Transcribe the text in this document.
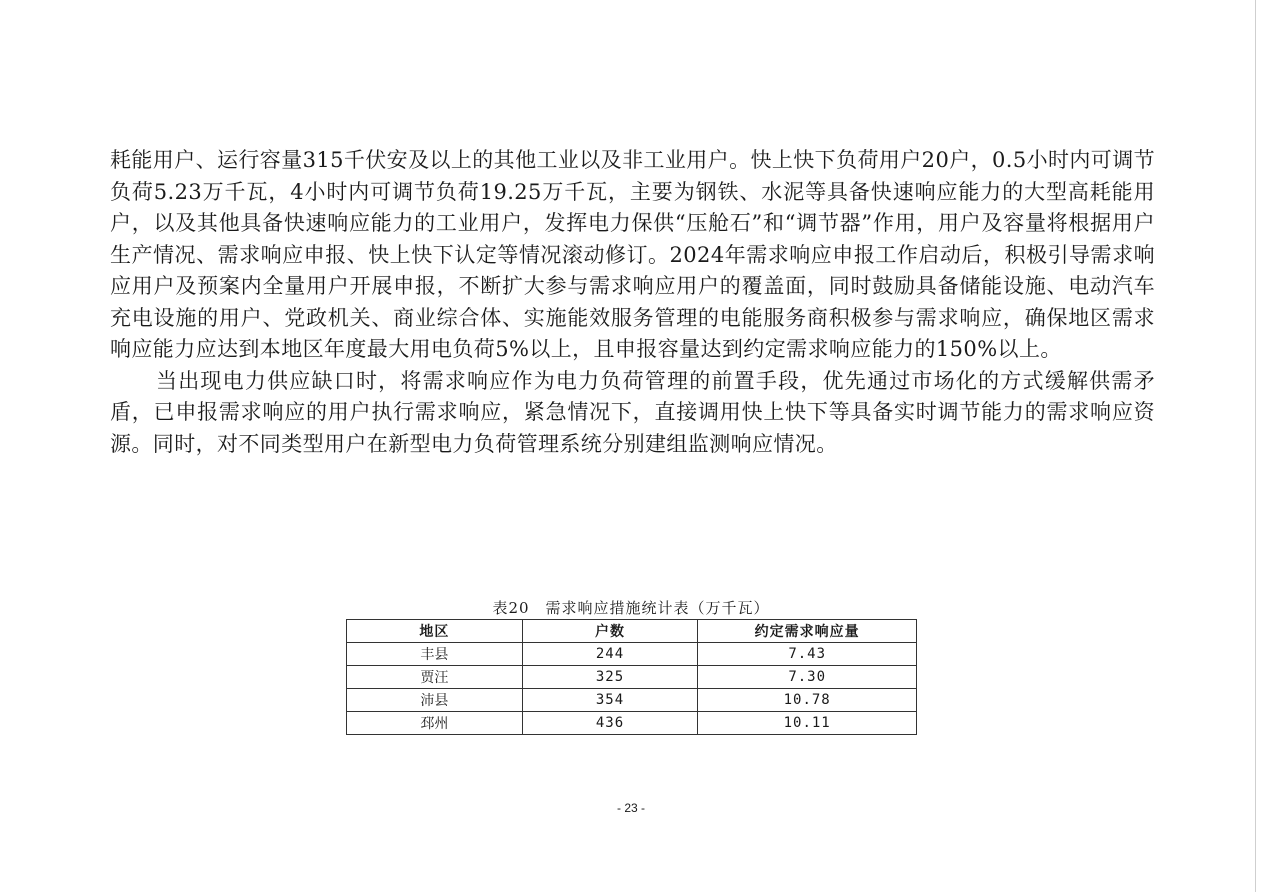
耗能用户、运行容量315千伏安及以上的其他工业以及非工业用户。快上快下负荷用户20户，0.5小时内可调节负荷5.23万千瓦，4小时内可调节负荷19.25万千瓦，主要为钢铁、水泥等具备快速响应能力的大型高耗能用户，以及其他具备快速响应能力的工业用户，发挥电力保供“压舱石”和“调节器”作用，用户及容量将根据用户生产情况、需求响应申报、快上快下认定等情况滚动修订。2024年需求响应申报工作启动后，积极引导需求响应用户及预案内全量用户开展申报，不断扩大参与需求响应用户的覆盖面，同时鼓励具备储能设施、电动汽车充电设施的用户、党政机关、商业综合体、实施能效服务管理的电能服务商积极参与需求响应，确保地区需求响应能力应达到本地区年度最大用电负荷5%以上，且申报容量达到约定需求响应能力的150%以上。

当出现电力供应缺口时，将需求响应作为电力负荷管理的前置手段，优先通过市场化的方式缓解供需矛盾，已申报需求响应的用户执行需求响应，紧急情况下，直接调用快上快下等具备实时调节能力的需求响应资源。同时，对不同类型用户在新型电力负荷管理系统分别建组监测响应情况。

表20　需求响应措施统计表（万千瓦）
地区	户数	约定需求响应量
丰县	244	7.43
贾汪	325	7.30
沛县	354	10.78
邳州	436	10.11
- 23 -
